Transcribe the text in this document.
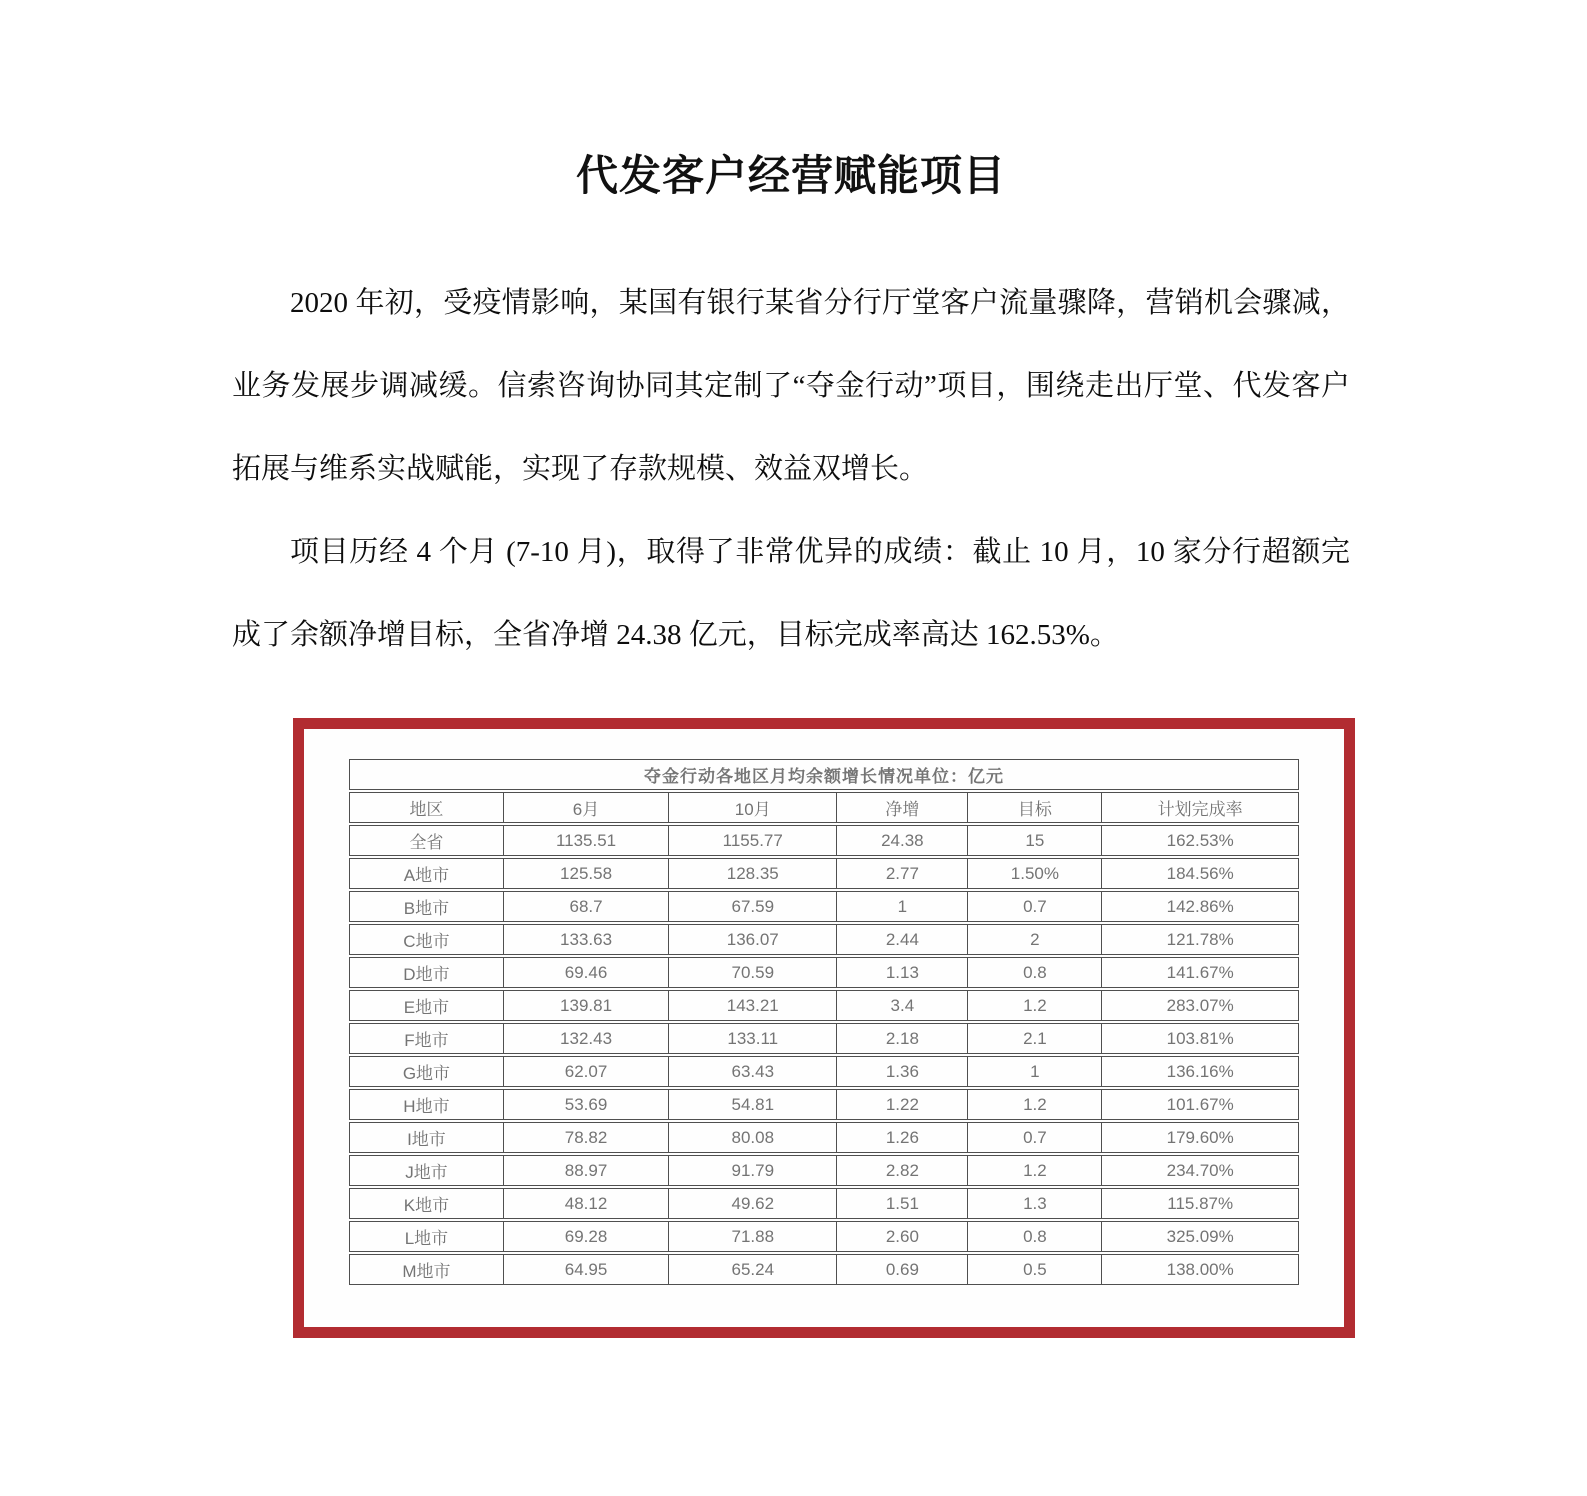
代发客户经营赋能项目

2020 年初，受疫情影响，某国有银行某省分行厅堂客户流量骤降，营销机会骤减，业务发展步调减缓。信索咨询协同其定制了“夺金行动”项目，围绕走出厅堂、代发客户拓展与维系实战赋能，实现了存款规模、效益双增长。

项目历经 4 个月 (7-10 月)，取得了非常优异的成绩：截止 10 月，10 家分行超额完成了余额净增目标，全省净增 24.38 亿元，目标完成率高达 162.53%。

夺金行动各地区月均余额增长情况单位：亿元					
地区	6月	10月	净增	目标	计划完成率
全省	1135.51	1155.77	24.38	15	162.53%
A地市	125.58	128.35	2.77	1.50%	184.56%
B地市	68.7	67.59	1	0.7	142.86%
C地市	133.63	136.07	2.44	2	121.78%
D地市	69.46	70.59	1.13	0.8	141.67%
E地市	139.81	143.21	3.4	1.2	283.07%
F地市	132.43	133.11	2.18	2.1	103.81%
G地市	62.07	63.43	1.36	1	136.16%
H地市	53.69	54.81	1.22	1.2	101.67%
I地市	78.82	80.08	1.26	0.7	179.60%
J地市	88.97	91.79	2.82	1.2	234.70%
K地市	48.12	49.62	1.51	1.3	115.87%
L地市	69.28	71.88	2.60	0.8	325.09%
M地市	64.95	65.24	0.69	0.5	138.00%
